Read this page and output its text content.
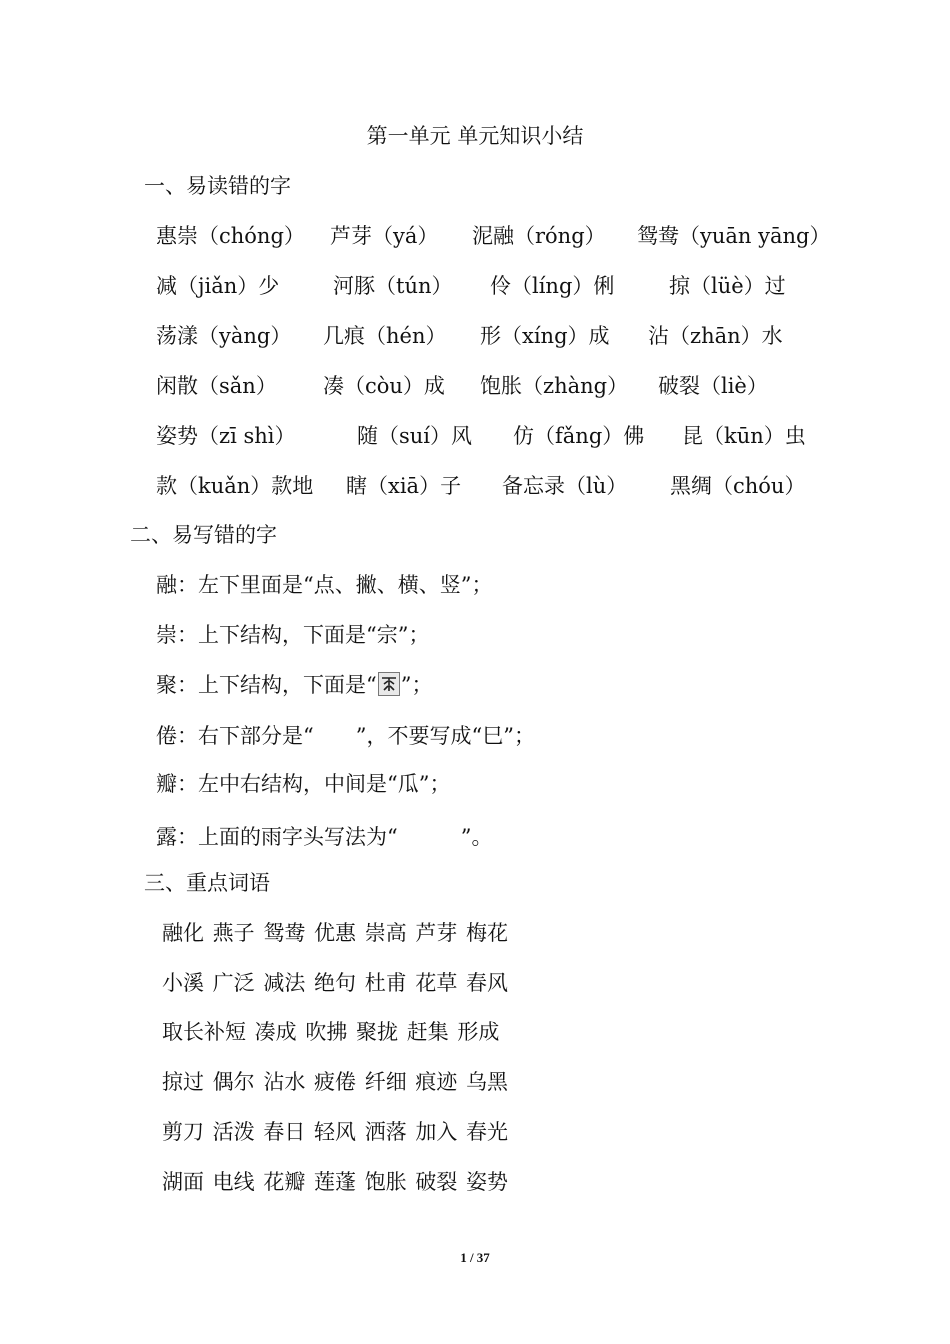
第一单元 单元知识小结
一、易读错的字
惠崇（chóng） 芦芽（yá） 泥融（róng） 鸳鸯（yuān yāng）
减（jiǎn）少	河豚（tún） 伶（líng）俐	掠（lüè）过
荡漾（yàng） 几痕（hén） 形（xíng）成 沾（zhān）水
闲散（sǎn） 凑（còu）成 饱胀（zhàng） 破裂（liè）
姿势（zī shì）	随（suí）风 仿（fǎng）佛 昆（kūn）虫
款（kuǎn）款地 瞎（xiā）子 备忘录（lù） 黑绸（chóu）
二、易写错的字
融：左下里面是“点、撇、横、竖”；
崇：上下结构，下面是“宗”；
聚：上下结构，下面是“ ”；
倦：右下部分是“　　”，不要写成“巳”；
瓣：左中右结构，中间是“瓜”；
露：上面的雨字头写法为“　　　”。
三、重点词语
融化 燕子 鸳鸯 优惠 崇高 芦芽 梅花
小溪 广泛 减法 绝句 杜甫 花草 春风
取长补短 凑成 吹拂 聚拢 赶集 形成
掠过 偶尔 沾水 疲倦 纤细 痕迹 乌黑
剪刀 活泼 春日 轻风 洒落 加入 春光
湖面 电线 花瓣 莲蓬 饱胀 破裂 姿势
1 / 37
